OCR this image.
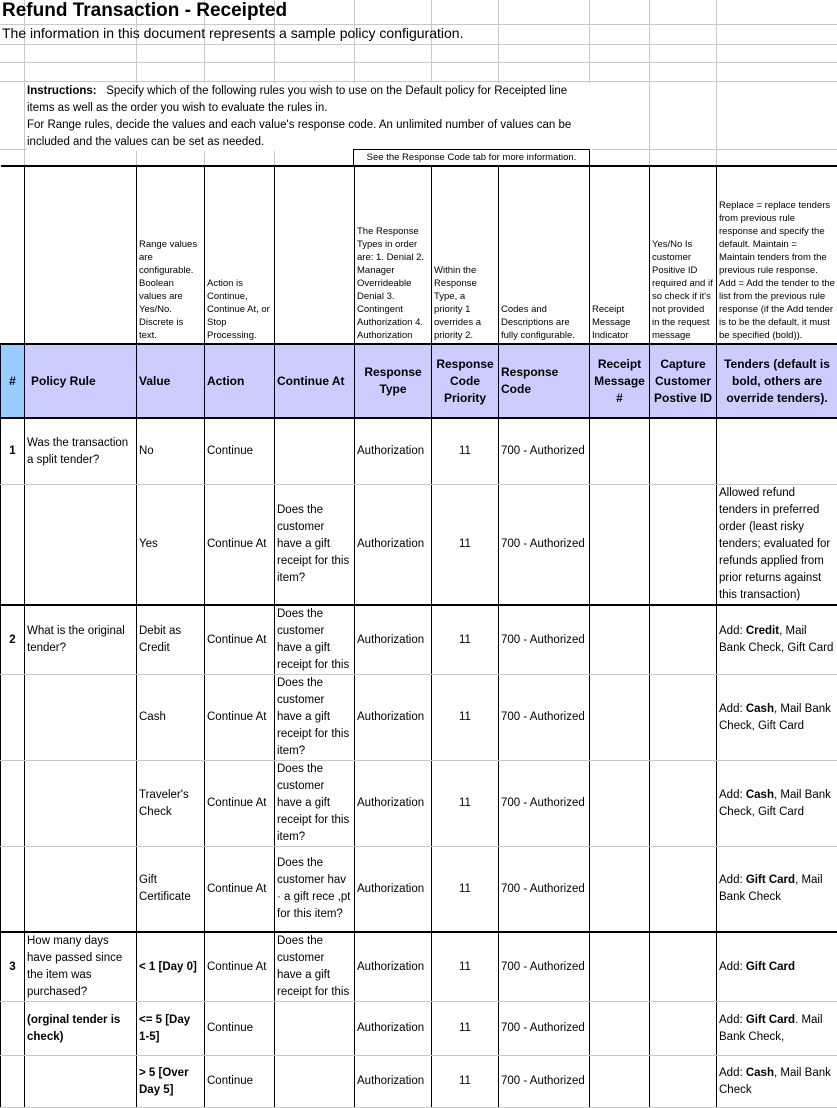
Refund Transaction - Receipted
The information in this document represents a sample policy configuration.
Instructions: Specify which of the following rules you wish to use on the Default policy for Receipted line items as well as the order you wish to evaluate the rules in.
For Range rules, decide the values and each value's response code. An unlimited number of values can be included and the values can be set as needed.
See the Response Code tab for more information.
		Range values are configurable. Boolean values are Yes/No. Discrete is text.	Action is Continue, Continue At, or Stop Processing.		The Response Types in order are: 1. Denial 2. Manager Overrideable Denial 3. Contingent Authorization 4. Authorization	Within the Response Type, a priority 1 overrides a priority 2.	Codes and Descriptions are fully configurable.	Receipt Message Indicator	Yes/No Is customer Positive ID required and if so check if it's not provided in the request message	Replace = replace tenders from previous rule response and specify the default. Maintain = Maintain tenders from the previous rule response. Add = Add the tender to the list from the previous rule response (if the Add tender is to be the default, it must be specified (bold)).
#	Policy Rule	Value	Action	Continue At	Response Type	Response Code Priority	Response Code	Receipt Message #	Capture Customer Postive ID	Tenders (default is bold, others are override tenders).
1	Was the transaction a split tender?	No	Continue		Authorization	11	700 - Authorized			
		Yes	Continue At	Does the customer have a gift receipt for this item?	Authorization	11	700 - Authorized			Allowed refund tenders in preferred order (least risky tenders; evaluated for refunds applied from prior returns against this transaction)
2	What is the original tender?	Debit as Credit	Continue At	Does the customer have a gift receipt for this	Authorization	11	700 - Authorized			Add: Credit, Mail Bank Check, Gift Card
		Cash	Continue At	Does the customer have a gift receipt for this item?	Authorization	11	700 - Authorized			Add: Cash, Mail Bank Check, Gift Card
		Traveler's Check	Continue At	Does the customer have a gift receipt for this item?	Authorization	11	700 - Authorized			Add: Cash, Mail Bank Check, Gift Card
		Gift Certificate	Continue At	Does the customer hav · a gift rece ,pt for this item?	Authorization	11	700 - Authorized			Add: Gift Card, Mail Bank Check
3	How many days have passed since the item was purchased?	< 1 [Day 0]	Continue At	Does the customer have a gift receipt for this	Authorization	11	700 - Authorized			Add: Gift Card
	(orginal tender is check)	<= 5 [Day 1-5]	Continue		Authorization	11	700 - Authorized			Add: Gift Card. Mail Bank Check,
		> 5 [Over Day 5]	Continue		Authorization	11	700 - Authorized			Add: Cash, Mail Bank Check
